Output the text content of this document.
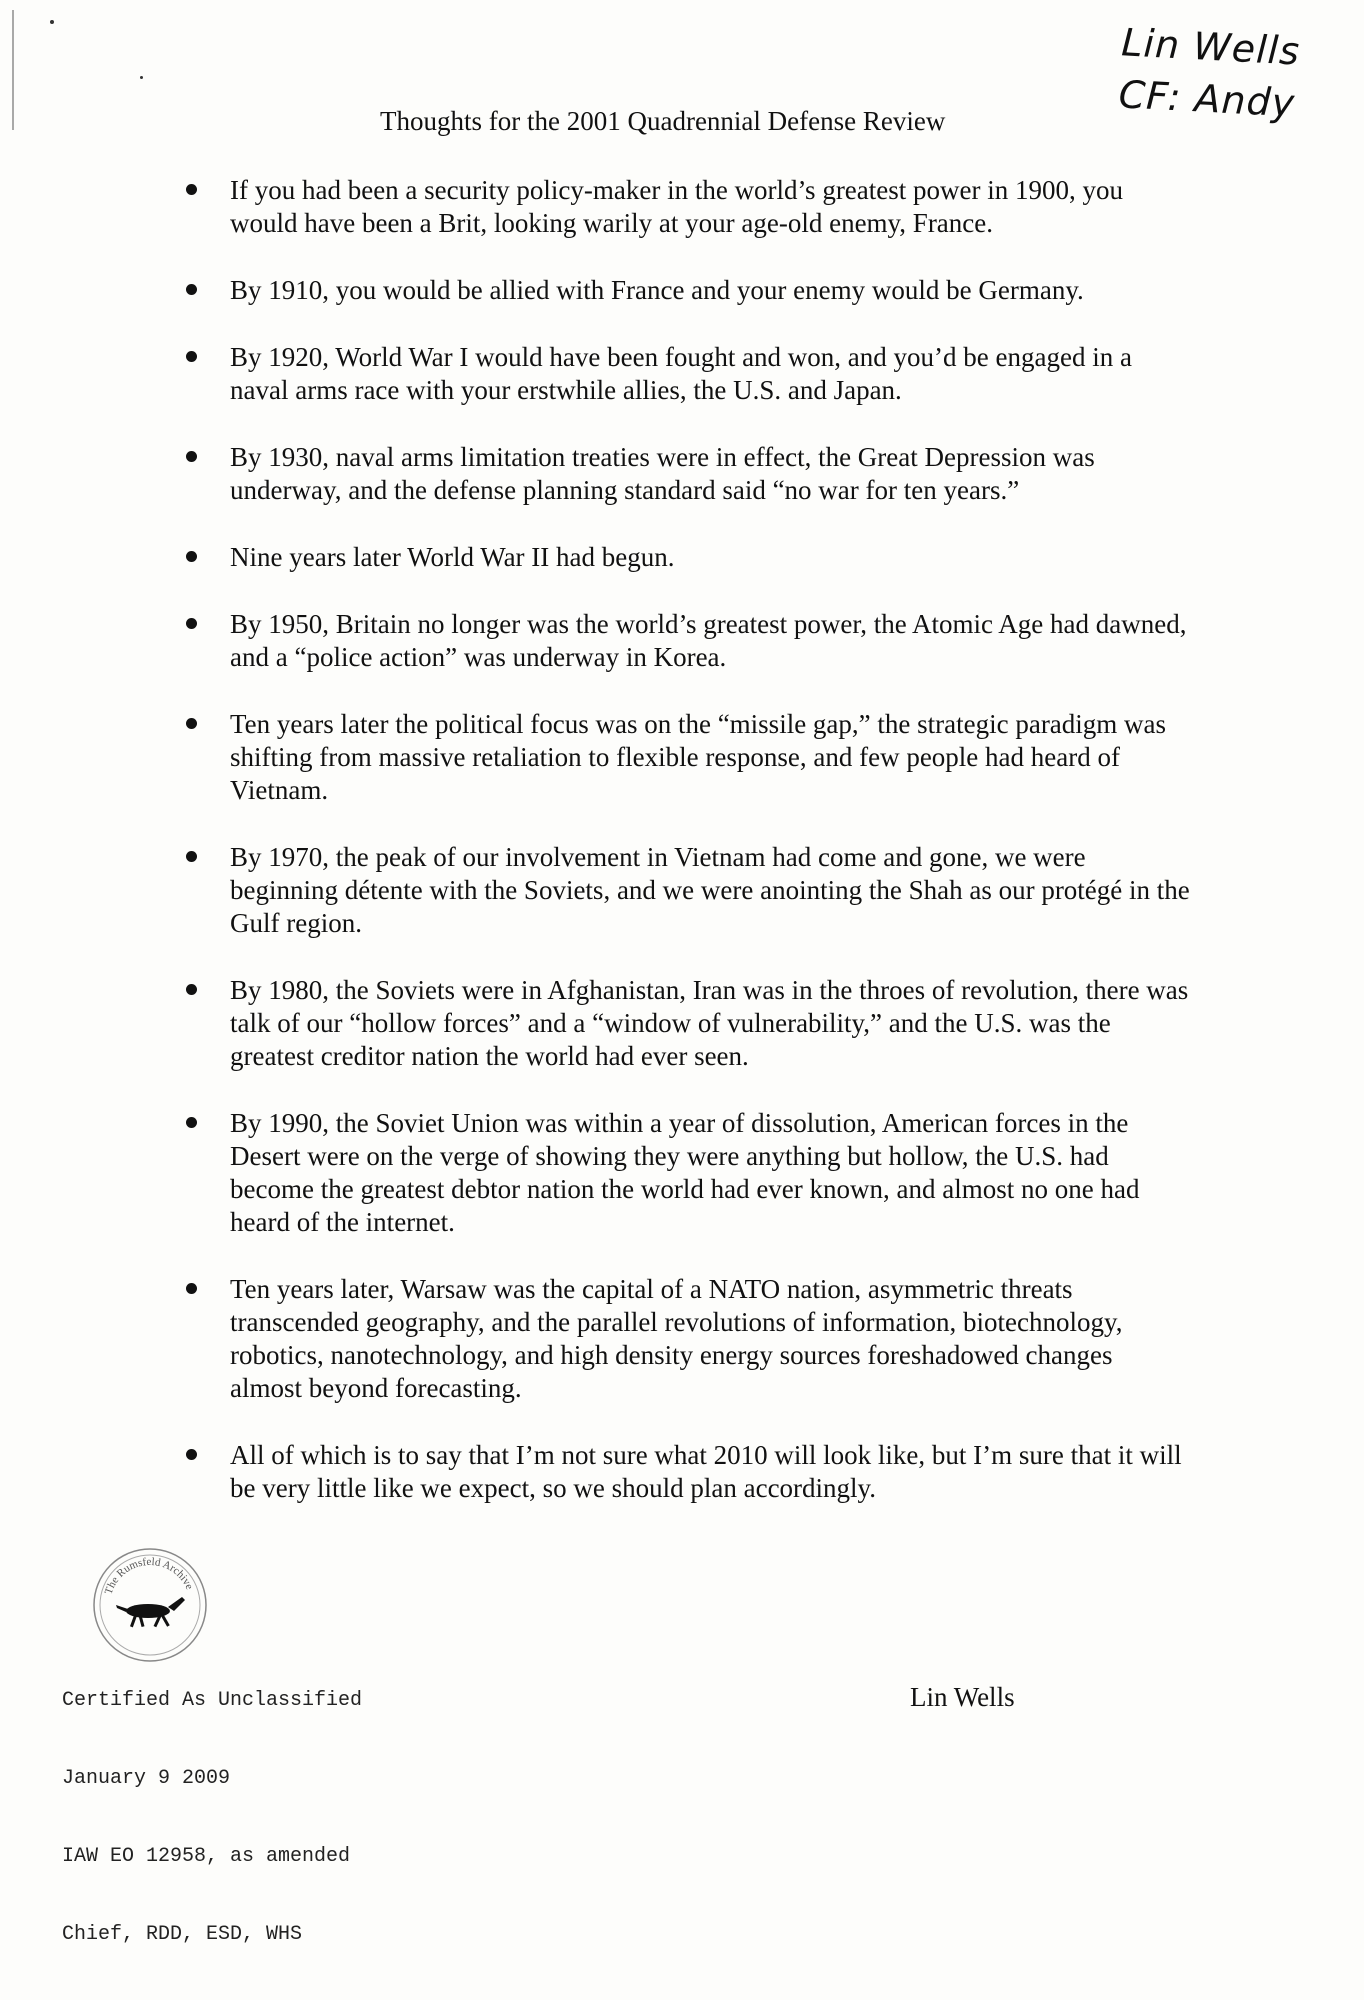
Lin Wells
CF: Andy
Thoughts for the 2001 Quadrennial Defense Review
If you had been a security policy-maker in the world’s greatest power in 1900, you would have been a Brit, looking warily at your age-old enemy, France.
By 1910, you would be allied with France and your enemy would be Germany.
By 1920, World War I would have been fought and won, and you’d be engaged in a naval arms race with your erstwhile allies, the U.S. and Japan.
By 1930, naval arms limitation treaties were in effect, the Great Depression was underway, and the defense planning standard said “no war for ten years.”
Nine years later World War II had begun.
By 1950, Britain no longer was the world’s greatest power, the Atomic Age had dawned, and a “police action” was underway in Korea.
Ten years later the political focus was on the “missile gap,” the strategic paradigm was shifting from massive retaliation to flexible response, and few people had heard of Vietnam.
By 1970, the peak of our involvement in Vietnam had come and gone, we were beginning détente with the Soviets, and we were anointing the Shah as our protégé in the Gulf region.
By 1980, the Soviets were in Afghanistan, Iran was in the throes of revolution, there was talk of our “hollow forces” and a “window of vulnerability,” and the U.S. was the greatest creditor nation the world had ever seen.
By 1990, the Soviet Union was within a year of dissolution, American forces in the Desert were on the verge of showing they were anything but hollow, the U.S. had become the greatest debtor nation the world had ever known, and almost no one had heard of the internet.
Ten years later, Warsaw was the capital of a NATO nation, asymmetric threats transcended geography, and the parallel revolutions of information, biotechnology, robotics, nanotechnology, and high density energy sources foreshadowed changes almost beyond forecasting.
All of which is to say that I’m not sure what 2010 will look like, but I’m sure that it will be very little like we expect, so we should plan accordingly.
The Rumsfeld Archive

Certified As Unclassified

January 9 2009

IAW EO 12958, as amended

Chief, RDD, ESD, WHS

Lin Wells
